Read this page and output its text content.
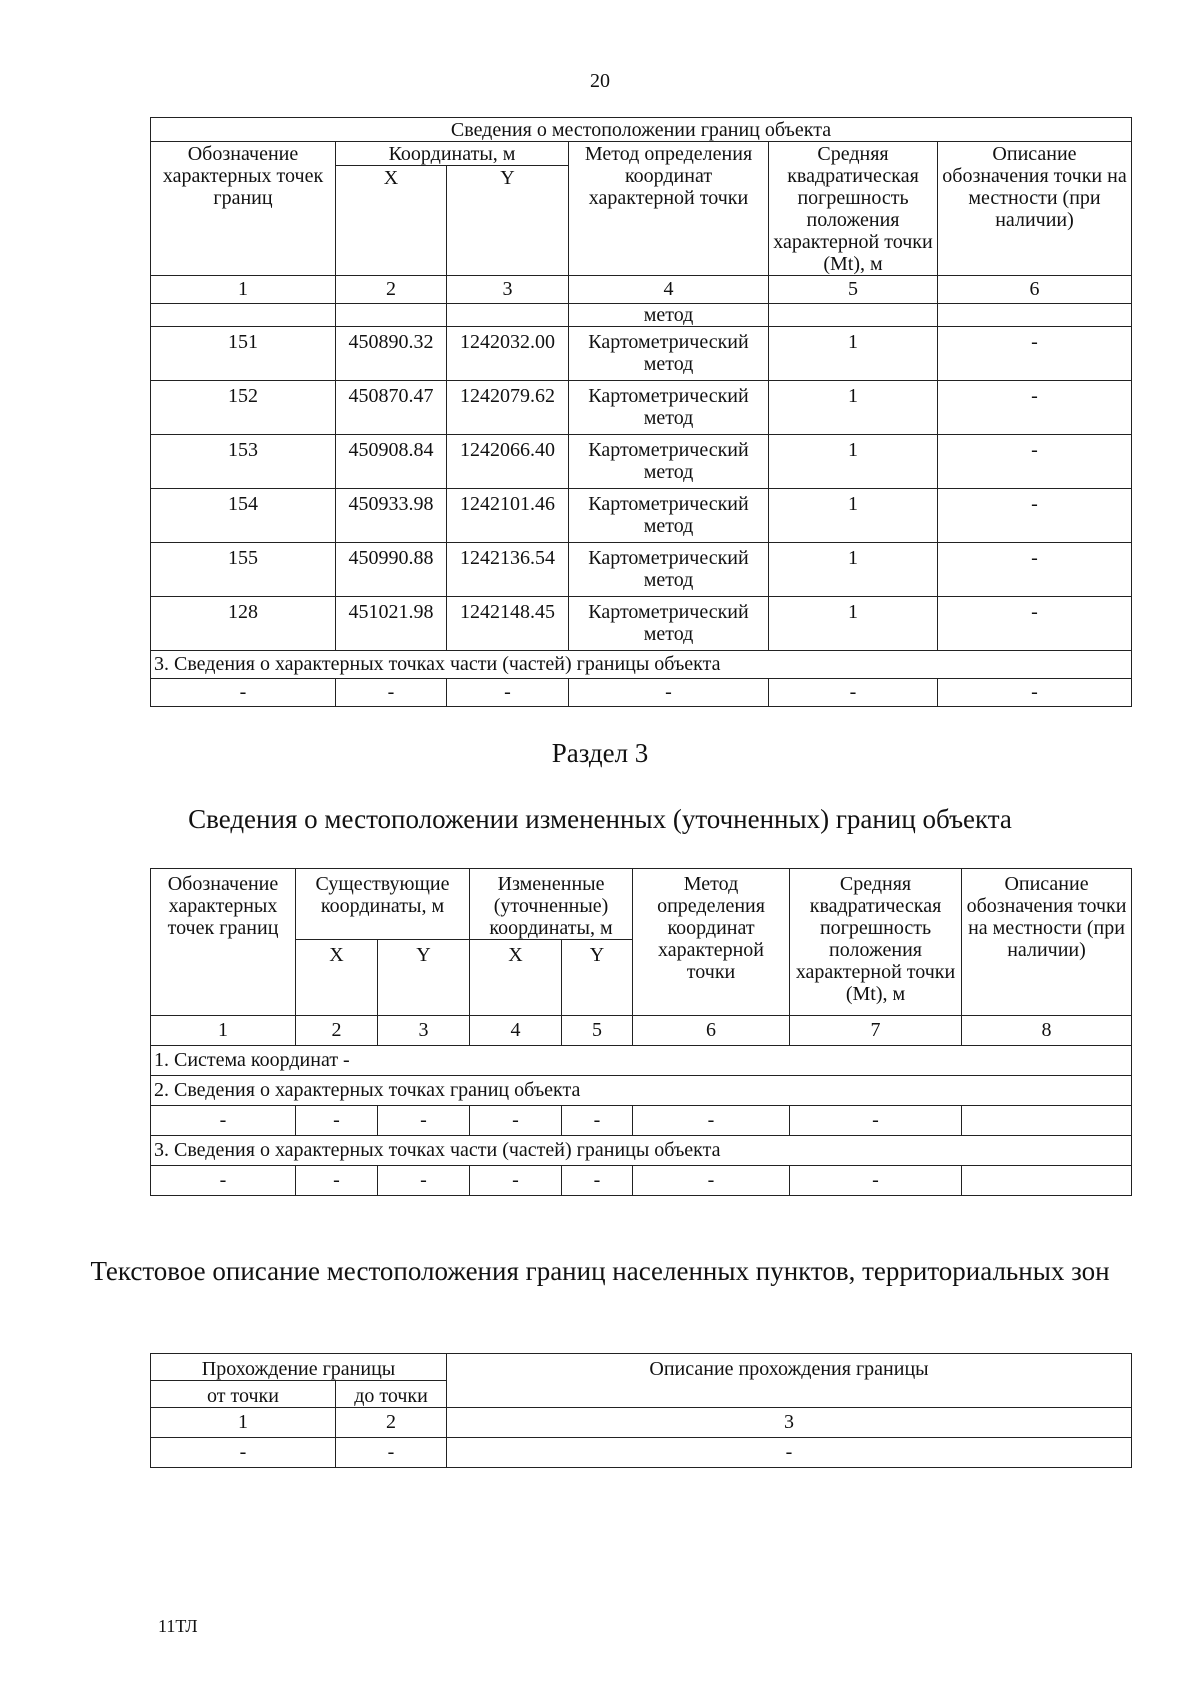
20
Сведения о местоположении границ объекта					
Обозначение характерных точек границ	Координаты, м		Метод определения координат характерной точки	Средняя квадратическая погрешность положения характерной точки (Mt), м	Описание обозначения точки на местности (при наличии)
	X	Y			
1	2	3	4	5	6
			метод		
151	450890.32	1242032.00	Картометрический метод	1	-
152	450870.47	1242079.62	Картометрический метод	1	-
153	450908.84	1242066.40	Картометрический метод	1	-
154	450933.98	1242101.46	Картометрический метод	1	-
155	450990.88	1242136.54	Картометрический метод	1	-
128	451021.98	1242148.45	Картометрический метод	1	-
3. Сведения о характерных точках части (частей) границы объекта					
-	-	-	-	-	-
Раздел 3
Сведения о местоположении измененных (уточненных) границ объекта
Обозначение характерных точек границ	Существующие координаты, м		Измененные (уточненные) координаты, м		Метод определения координат характерной точки	Средняя квадратическая погрешность положения характерной точки (Mt), м	Описание обозначения точки на местности (при наличии)
	X	Y	X	Y			
1	2	3	4	5	6	7	8
1. Система координат -							
2. Сведения о характерных точках границ объекта							
-	-	-	-	-	-	-	
3. Сведения о характерных точках части (частей) границы объекта							
-	-	-	-	-	-	-	
Текстовое описание местоположения границ населенных пунктов, территориальных зон
Прохождение границы		Описание прохождения границы
от точки	до точки	
1	2	3
-	-	-
11ТЛ
